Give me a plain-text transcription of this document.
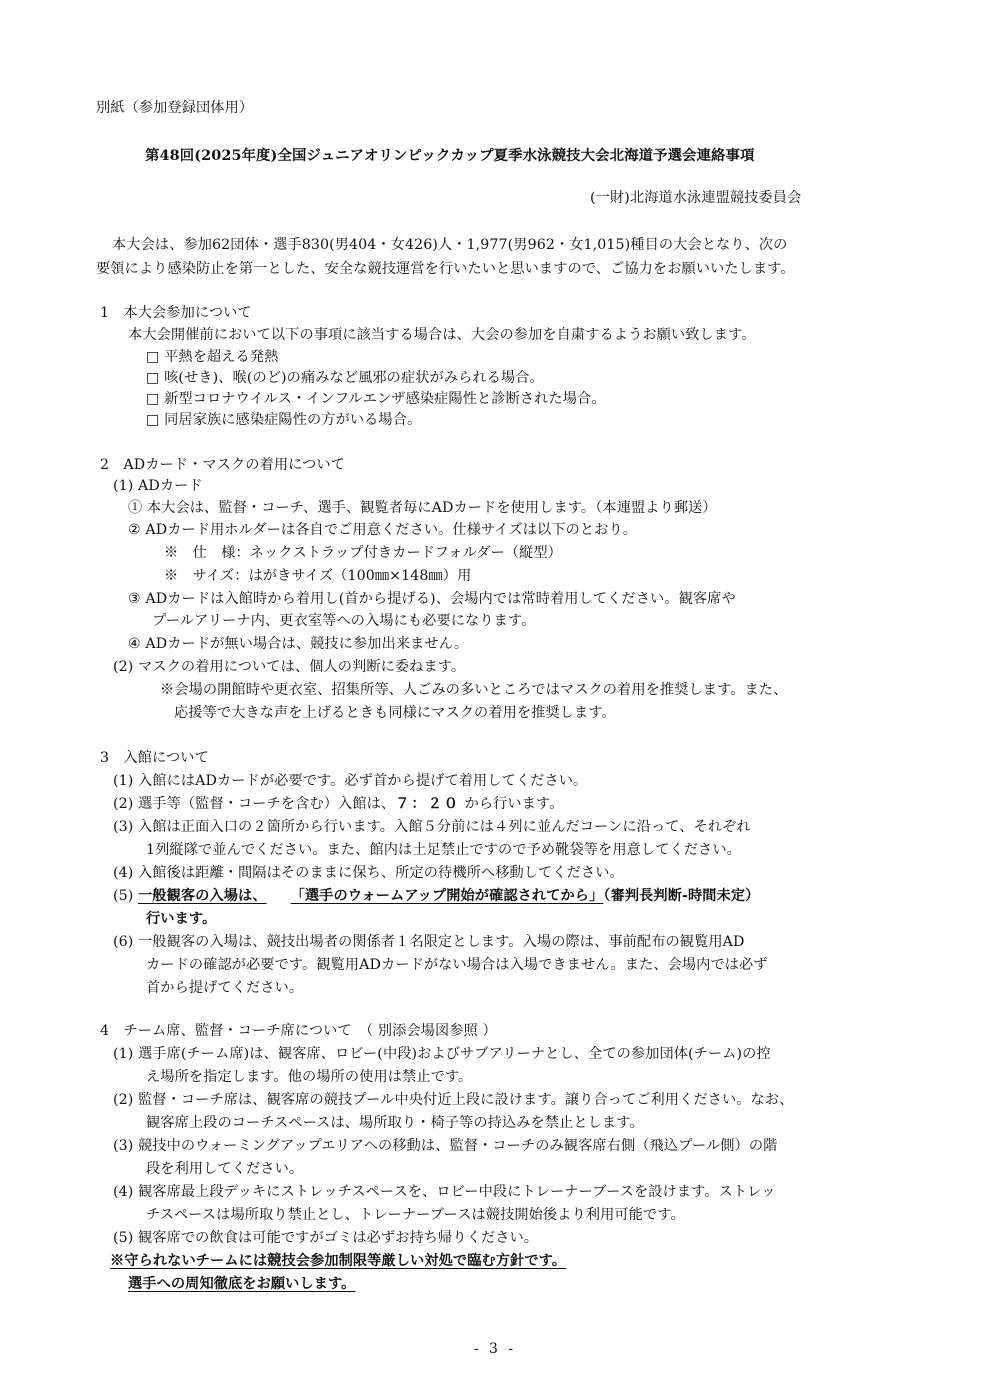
別紙（参加登録団体用）
第48回(2025年度)全国ジュニアオリンピックカップ夏季水泳競技大会北海道予選会連絡事項
(一財)北海道水泳連盟競技委員会
本大会は、参加62団体・選手830(男404・女426)人・1,977(男962・女1,015)種目の大会となり、次の
要領により感染防止を第一とした、安全な競技運営を行いたいと思いますので、ご協力をお願いいたします。
1　本大会参加について
本大会開催前において以下の事項に該当する場合は、大会の参加を自粛するようお願い致します。
□ 平熱を超える発熱
□ 咳(せき)、喉(のど)の痛みなど風邪の症状がみられる場合。
□ 新型コロナウイルス・インフルエンザ感染症陽性と診断された場合。
□ 同居家族に感染症陽性の方がいる場合。
2　ADカード・マスクの着用について
(1) ADカード
① 本大会は、監督・コーチ、選手、観覧者毎にADカードを使用します。（本連盟より郵送）
② ADカード用ホルダーは各自でご用意ください。仕様サイズは以下のとおり。
※　仕　様：ネックストラップ付きカードフォルダー（縦型）
※　サイズ：はがきサイズ（100㎜×148㎜）用
③ ADカードは入館時から着用し(首から提げる)、会場内では常時着用してください。観客席や
プールアリーナ内、更衣室等への入場にも必要になります。
④ ADカードが無い場合は、競技に参加出来ません。
(2) マスクの着用については、個人の判断に委ねます。
※会場の開館時や更衣室、招集所等、人ごみの多いところではマスクの着用を推奨します。また、
応援等で大きな声を上げるときも同様にマスクの着用を推奨します。
3　入館について
(1) 入館にはADカードが必要です。必ず首から提げて着用してください。
(2) 選手等（監督・コーチを含む）入館は、７：２０ から行います。
(3) 入館は正面入口の２箇所から行います。入館５分前には４列に並んだコーンに沿って、それぞれ
1列縦隊で並んでください。また、館内は土足禁止ですので予め靴袋等を用意してください。
(4) 入館後は距離・間隔はそのままに保ち、所定の待機所へ移動してください。
(5) 一般観客の入場は、 「選手のウォームアップ開始が確認されてから」（審判長判断-時間未定）
行います。
(6) 一般観客の入場は、競技出場者の関係者１名限定とします。入場の際は、事前配布の観覧用AD
カードの確認が必要です。観覧用ADカードがない場合は入場できません。また、会場内では必ず
首から提げてください。
4　チーム席、監督・コーチ席について　（ 別添会場図参照 ）
(1) 選手席(チーム席)は、観客席、ロビー(中段)およびサブアリーナとし、全ての参加団体(チーム)の控
え場所を指定します。他の場所の使用は禁止です。
(2) 監督・コーチ席は、観客席の競技プール中央付近上段に設けます。譲り合ってご利用ください。なお、
観客席上段のコーチスペースは、場所取り・椅子等の持込みを禁止とします。
(3) 競技中のウォーミングアップエリアへの移動は、監督・コーチのみ観客席右側（飛込プール側）の階
段を利用してください。
(4) 観客席最上段デッキにストレッチスペースを、ロビー中段にトレーナーブースを設けます。ストレッ
チスペースは場所取り禁止とし、トレーナーブースは競技開始後より利用可能です。
(5) 観客席での飲食は可能ですがゴミは必ずお持ち帰りください。
※守られないチームには競技会参加制限等厳しい対処で臨む方針です。
選手への周知徹底をお願いします。
- 3 -
